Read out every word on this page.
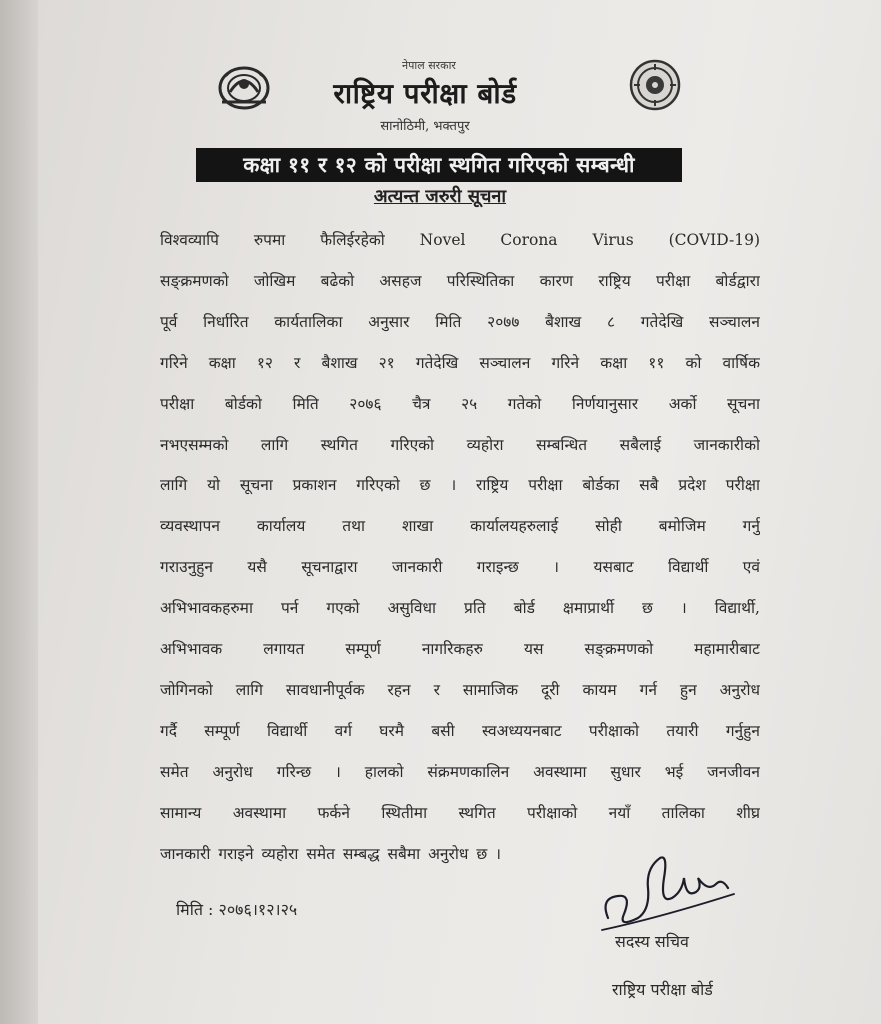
नेपाल सरकार
राष्ट्रिय परीक्षा बोर्ड
सानोठिमी, भक्तपुर
कक्षा ११ र १२ को परीक्षा स्थगित गरिएको सम्बन्धी
अत्यन्त जरुरी सूचना
विश्वव्यापि रुपमा फैलिईरहेको Novel Corona Virus (COVID-19)
सङ्क्रमणको जोखिम बढेको असहज परिस्थितिका कारण राष्ट्रिय परीक्षा बोर्डद्वारा
पूर्व निर्धारित कार्यतालिका अनुसार मिति २०७७ बैशाख ८ गतेदेखि सञ्चालन
गरिने कक्षा १२ र बैशाख २१ गतेदेखि सञ्चालन गरिने कक्षा ११ को वार्षिक
परीक्षा बोर्डको मिति २०७६ चैत्र २५ गतेको निर्णयानुसार अर्को सूचना
नभएसम्मको लागि स्थगित गरिएको व्यहोरा सम्बन्धित सबैलाई जानकारीको
लागि यो सूचना प्रकाशन गरिएको छ । राष्ट्रिय परीक्षा बोर्डका सबै प्रदेश परीक्षा
व्यवस्थापन कार्यालय तथा शाखा कार्यालयहरुलाई सोही बमोजिम गर्नु
गराउनुहुन यसै सूचनाद्वारा जानकारी गराइन्छ । यसबाट विद्यार्थी एवं
अभिभावकहरुमा पर्न गएको असुविधा प्रति बोर्ड क्षमाप्रार्थी छ । विद्यार्थी,
अभिभावक लगायत सम्पूर्ण नागरिकहरु यस सङ्क्रमणको महामारीबाट
जोगिनको लागि सावधानीपूर्वक रहन र सामाजिक दूरी कायम गर्न हुन अनुरोध
गर्दै सम्पूर्ण विद्यार्थी वर्ग घरमै बसी स्वअध्ययनबाट परीक्षाको तयारी गर्नुहुन
समेत अनुरोध गरिन्छ । हालको संक्रमणकालिन अवस्थामा सुधार भई जनजीवन
सामान्य अवस्थामा फर्कने स्थितीमा स्थगित परीक्षाको नयाँ तालिका शीघ्र
जानकारी गराइने व्यहोरा समेत सम्बद्ध सबैमा अनुरोध छ ।
मिति : २०७६।१२।२५
सदस्य सचिव
राष्ट्रिय परीक्षा बोर्ड
